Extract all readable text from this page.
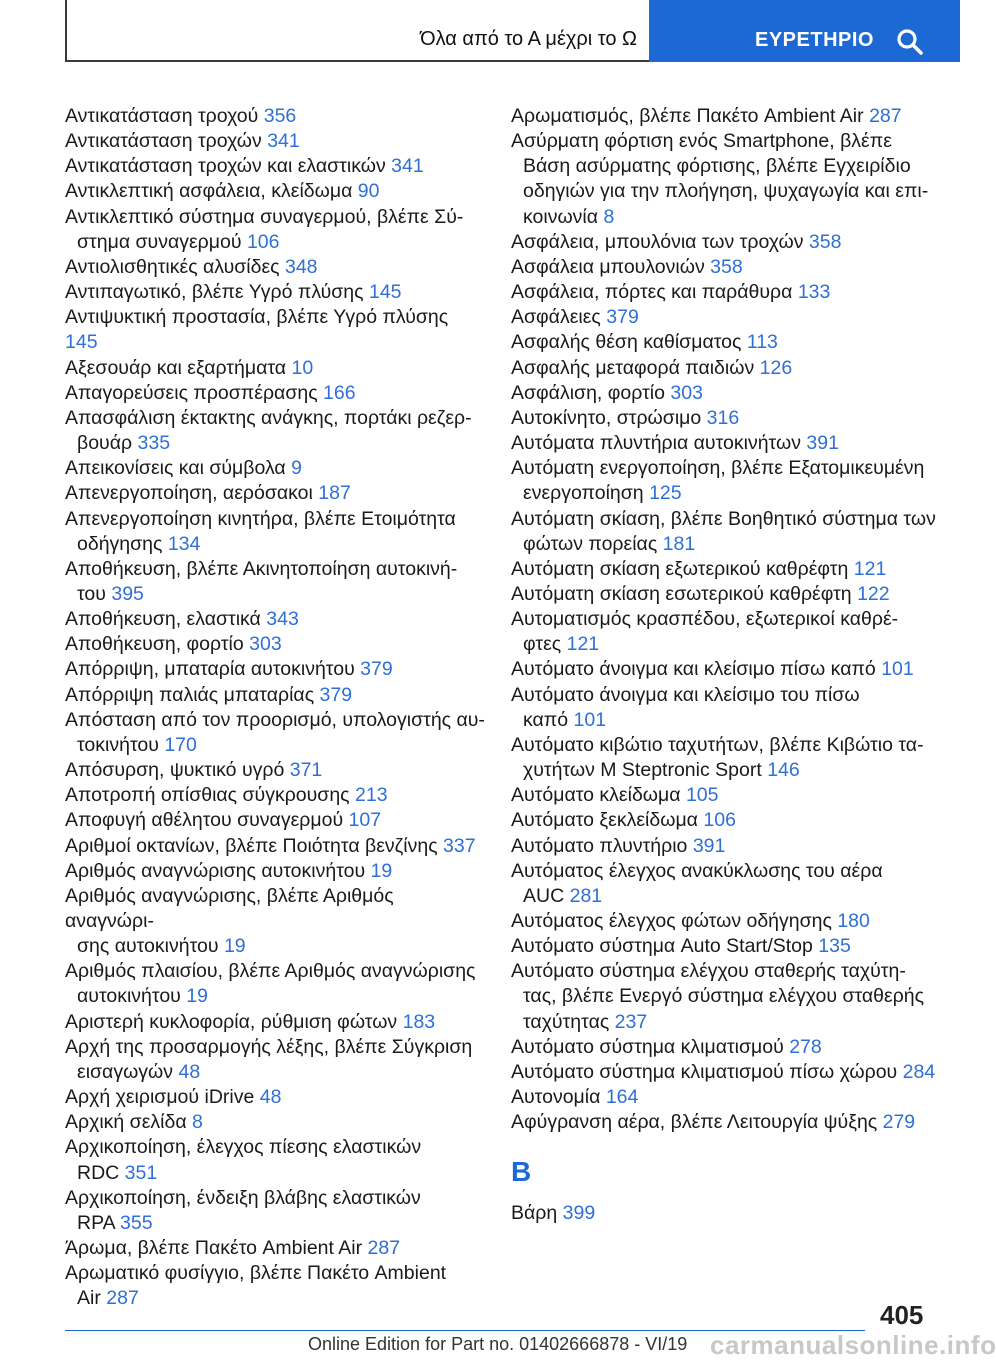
Όλα από το Α μέχρι το Ω	ΕΥΡΕΤΗΡΙΟ
Αντικατάσταση τροχού 356
Αντικατάσταση τροχών 341
Αντικατάσταση τροχών και ελαστικών 341
Αντικλεπτική ασφάλεια, κλείδωμα 90
Αντικλεπτικό σύστημα συναγερμού, βλέπε Σύ-
στημα συναγερμού 106
Αντιολισθητικές αλυσίδες 348
Αντιπαγωτικό, βλέπε Υγρό πλύσης 145
Αντιψυκτική προστασία, βλέπε Υγρό πλύσης 145
Αξεσουάρ και εξαρτήματα 10
Απαγορεύσεις προσπέρασης 166
Απασφάλιση έκτακτης ανάγκης, πορτάκι ρεζερ-
βουάρ 335
Απεικονίσεις και σύμβολα 9
Απενεργοποίηση, αερόσακοι 187
Απενεργοποίηση κινητήρα, βλέπε Ετοιμότητα
οδήγησης 134
Αποθήκευση, βλέπε Ακινητοποίηση αυτοκινή-
του 395
Αποθήκευση, ελαστικά 343
Αποθήκευση, φορτίο 303
Απόρριψη, μπαταρία αυτοκινήτου 379
Απόρριψη παλιάς μπαταρίας 379
Απόσταση από τον προορισμό, υπολογιστής αυ-
τοκινήτου 170
Απόσυρση, ψυκτικό υγρό 371
Αποτροπή οπίσθιας σύγκρουσης 213
Αποφυγή αθέλητου συναγερμού 107
Αριθμοί οκτανίων, βλέπε Ποιότητα βενζίνης 337
Αριθμός αναγνώρισης αυτοκινήτου 19
Αριθμός αναγνώρισης, βλέπε Αριθμός αναγνώρι-
σης αυτοκινήτου 19
Αριθμός πλαισίου, βλέπε Αριθμός αναγνώρισης
αυτοκινήτου 19
Αριστερή κυκλοφορία, ρύθμιση φώτων 183
Αρχή της προσαρμογής λέξης, βλέπε Σύγκριση
εισαγωγών 48
Αρχή χειρισμού iDrive 48
Αρχική σελίδα 8
Αρχικοποίηση, έλεγχος πίεσης ελαστικών
RDC 351
Αρχικοποίηση, ένδειξη βλάβης ελαστικών
RPA 355
Άρωμα, βλέπε Πακέτο Ambient Air 287
Αρωματικό φυσίγγιο, βλέπε Πακέτο Ambient
Air 287
Αρωματισμός, βλέπε Πακέτο Ambient Air 287
Ασύρματη φόρτιση ενός Smartphone, βλέπε
Βάση ασύρματης φόρτισης, βλέπε Εγχειρίδιο
οδηγιών για την πλοήγηση, ψυχαγωγία και επι-
κοινωνία 8
Ασφάλεια, μπουλόνια των τροχών 358
Ασφάλεια μπουλονιών 358
Ασφάλεια, πόρτες και παράθυρα 133
Ασφάλειες 379
Ασφαλής θέση καθίσματος 113
Ασφαλής μεταφορά παιδιών 126
Ασφάλιση, φορτίο 303
Αυτοκίνητο, στρώσιμο 316
Αυτόματα πλυντήρια αυτοκινήτων 391
Αυτόματη ενεργοποίηση, βλέπε Εξατομικευμένη
ενεργοποίηση 125
Αυτόματη σκίαση, βλέπε Βοηθητικό σύστημα των
φώτων πορείας 181
Αυτόματη σκίαση εξωτερικού καθρέφτη 121
Αυτόματη σκίαση εσωτερικού καθρέφτη 122
Αυτοματισμός κρασπέδου, εξωτερικοί καθρέ-
φτες 121
Αυτόματο άνοιγμα και κλείσιμο πίσω καπό 101
Αυτόματο άνοιγμα και κλείσιμο του πίσω
καπό 101
Αυτόματο κιβώτιο ταχυτήτων, βλέπε Κιβώτιο τα-
χυτήτων M Steptronic Sport 146
Αυτόματο κλείδωμα 105
Αυτόματο ξεκλείδωμα 106
Αυτόματο πλυντήριο 391
Αυτόματος έλεγχος ανακύκλωσης του αέρα
AUC 281
Αυτόματος έλεγχος φώτων οδήγησης 180
Αυτόματο σύστημα Auto Start/Stop 135
Αυτόματο σύστημα ελέγχου σταθερής ταχύτη-
τας, βλέπε Ενεργό σύστημα ελέγχου σταθερής
ταχύτητας 237
Αυτόματο σύστημα κλιματισμού 278
Αυτόματο σύστημα κλιματισμού πίσω χώρου 284
Αυτονομία 164
Αφύγρανση αέρα, βλέπε Λειτουργία ψύξης 279
Β
Βάρη 399
405
Online Edition for Part no. 01402666878 - VI/19 carmanualsonline.info
